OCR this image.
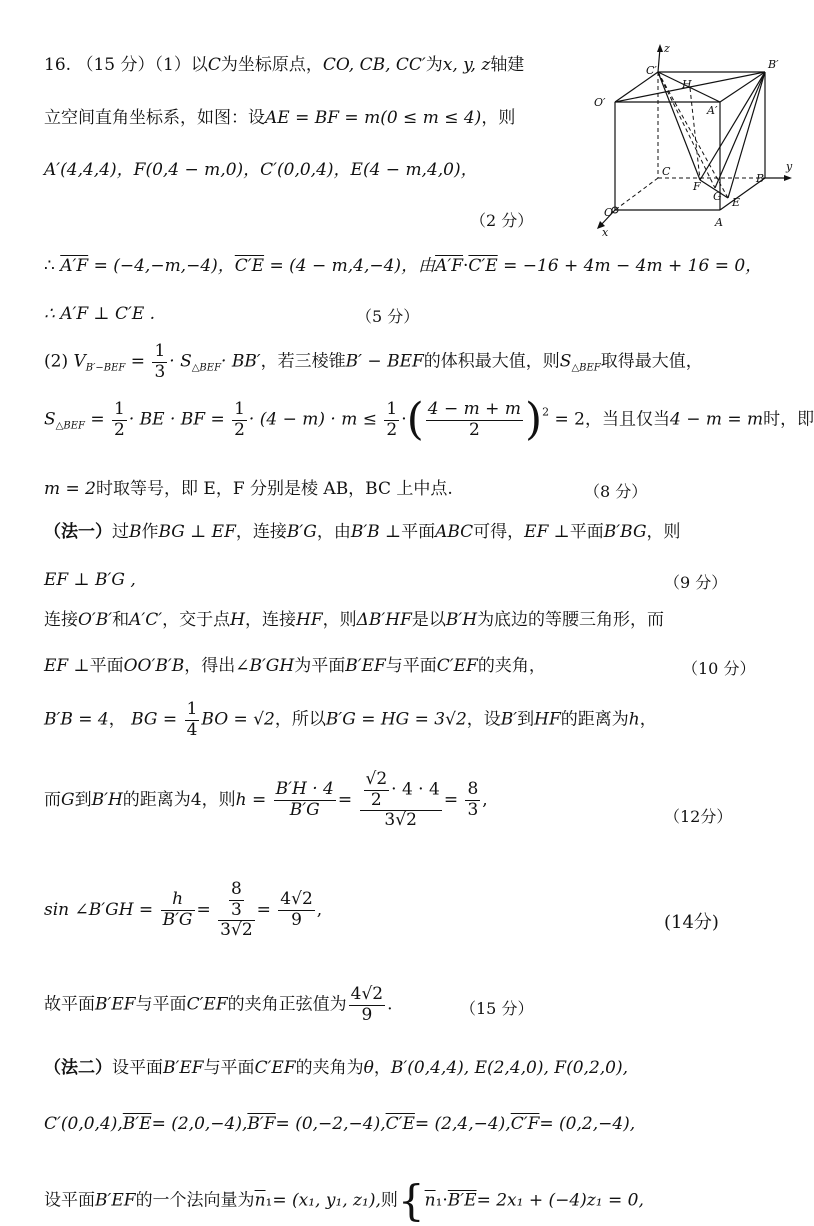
z
C′
H
B′
O′
A′
C	y
F
G
B
E
O
A
x
16. （15 分）（1）以C为坐标原点，CO, CB, CC′为x, y, z轴建
立空间直角坐标系，如图：设AE = BF = m(0 ≤ m ≤ 4)，则
A′(4,4,4)，F(0,4 − m,0)，C′(0,0,4)，E(4 − m,4,0)，
（2 分）
∴ A′F = (−4,−m,−4)，C′E = (4 − m,4,−4)，由A′F·C′E = −16 + 4m − 4m + 16 = 0，
∴ A′F ⊥ C′E .	（5 分）
(2) $V_{B'-BEF} = \frac{1}{3} \cdot S_{\triangle BEF}\cdot BB'$，若三棱锥B′ − BEF的体积最大值，则$S_{\triangle BEF}$取得最大值，
$S_{\triangle BEF} = \frac{1}{2}$ · BE · BF = $\frac{1}{2} \cdot (4 - m) \cdot m \le \frac{1}{2}$ ·( $\frac{4 - m + m}{2} )^2 = 2$，当且仅当4 − m = m时，即
m = 2时取等号，即 E，F 分别是棱 AB，BC 上中点.	（8 分）
（法一）过B作BG ⊥ EF，连接B′G，由B′B ⊥平面ABC可得，EF ⊥平面B′BG，则
EF ⊥ B′G ,	（9 分）
连接O′B′和A′C′，交于点H，连接HF，则ΔB′HF是以B′H为底边的等腰三角形，而
EF ⊥平面OO′B′B，得出∠B′GH为平面B′EF与平面C′EF的夹角，	（10 分）
B′B = 4， BG = $\frac{1}{4}$ BO = √2，所以B′G = HG = 3√2，设B′到HF的距离为h，
而G到B′H的距离为4，则$h = \frac{B'H \cdot 4}{B'G} = \frac{\frac{√2}{2} \cdot 4 \cdot 4}{3√2} = \frac{8}{3}$ ,
（12分）
sin ∠B′GH = $\frac{h}{B'G} = \frac{\frac{8}{3}}{3√2} = \frac{4√2}{9}$ ,
(14分)
故平面B′EF与平面C′EF的夹角正弦值为 $\frac{4√2}{9}$ .	（15 分）
（法二）设平面B′EF与平面C′EF的夹角为θ，B′(0,4,4), E(2,4,0), F(0,2,0),
C′(0,0,4),B′E= (2,0,−4),B′F= (0,−2,−4),C′E= (2,4,−4),C′F= (0,2,−4),
设平面B′EF的一个法向量为$\overline{n}_1= (x_1$, y₁, z₁),则{$\overline{n}_1\cdot B'E= 2x_1 + (-4)z_1 = 0$,
